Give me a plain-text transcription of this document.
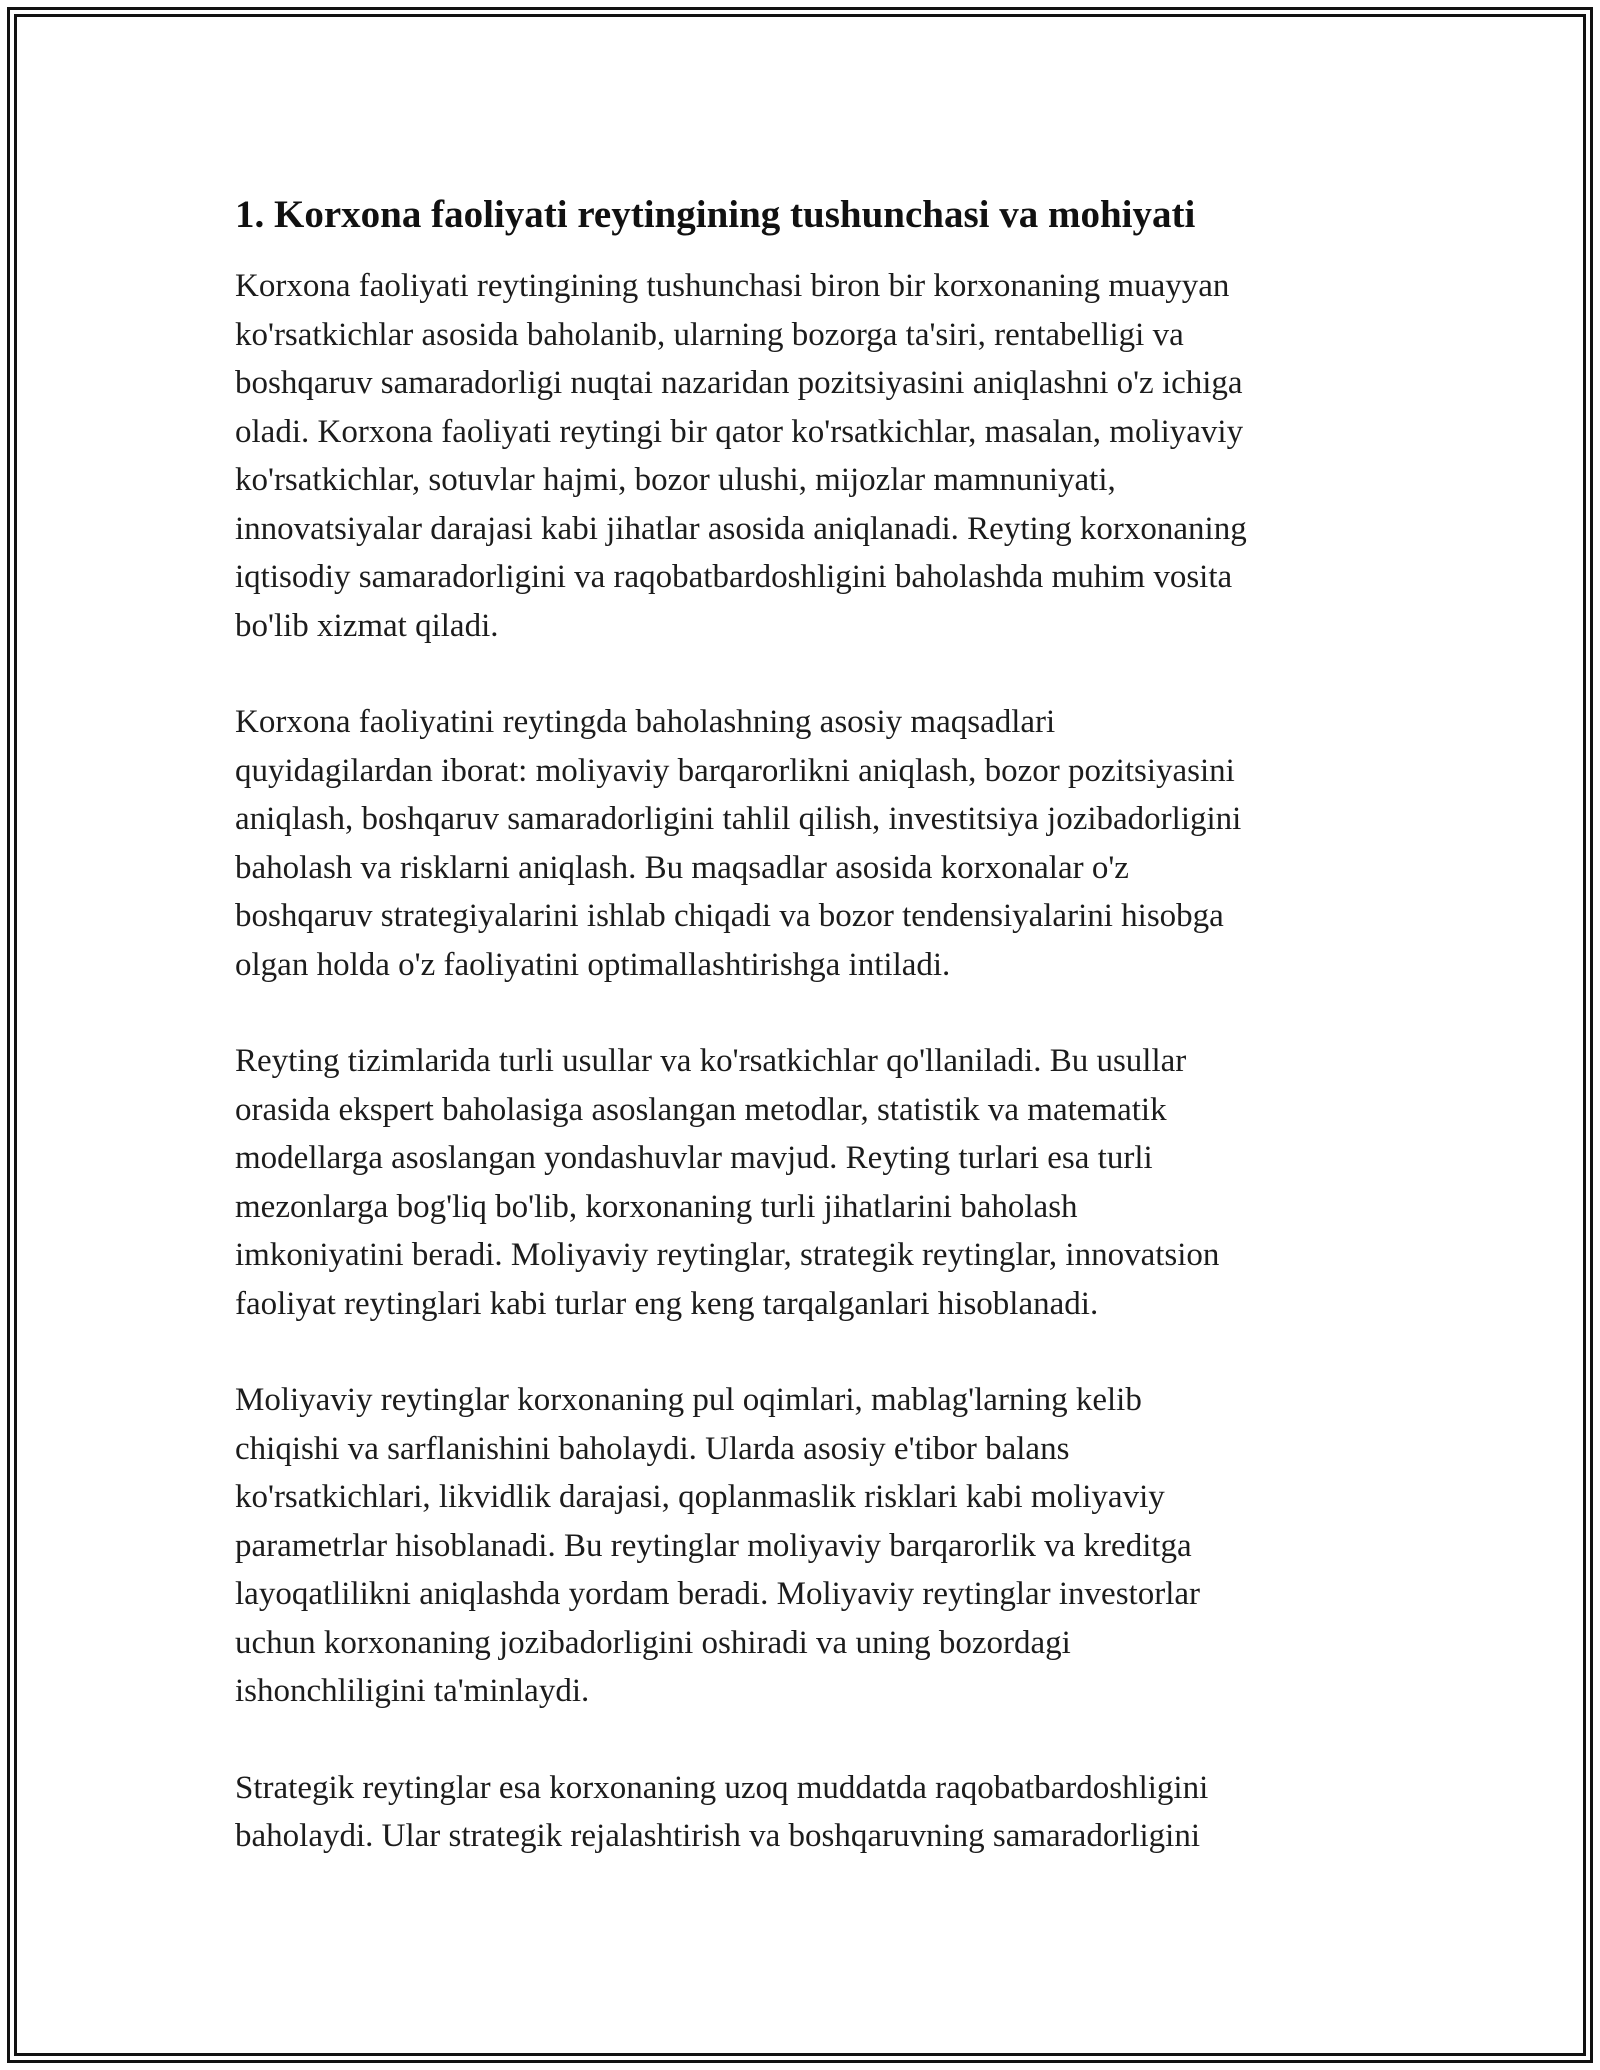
1. Korxona faoliyati reytingining tushunchasi va mohiyati

Korxona faoliyati reytingining tushunchasi biron bir korxonaning muayyan
ko'rsatkichlar asosida baholanib, ularning bozorga ta'siri, rentabelligi va
boshqaruv samaradorligi nuqtai nazaridan pozitsiyasini aniqlashni o'z ichiga
oladi. Korxona faoliyati reytingi bir qator ko'rsatkichlar, masalan, moliyaviy
ko'rsatkichlar, sotuvlar hajmi, bozor ulushi, mijozlar mamnuniyati,
innovatsiyalar darajasi kabi jihatlar asosida aniqlanadi. Reyting korxonaning
iqtisodiy samaradorligini va raqobatbardoshligini baholashda muhim vosita
bo'lib xizmat qiladi.

Korxona faoliyatini reytingda baholashning asosiy maqsadlari
quyidagilardan iborat: moliyaviy barqarorlikni aniqlash, bozor pozitsiyasini
aniqlash, boshqaruv samaradorligini tahlil qilish, investitsiya jozibadorligini
baholash va risklarni aniqlash. Bu maqsadlar asosida korxonalar o'z
boshqaruv strategiyalarini ishlab chiqadi va bozor tendensiyalarini hisobga
olgan holda o'z faoliyatini optimallashtirishga intiladi.

Reyting tizimlarida turli usullar va ko'rsatkichlar qo'llaniladi. Bu usullar
orasida ekspert baholasiga asoslangan metodlar, statistik va matematik
modellarga asoslangan yondashuvlar mavjud. Reyting turlari esa turli
mezonlarga bog'liq bo'lib, korxonaning turli jihatlarini baholash
imkoniyatini beradi. Moliyaviy reytinglar, strategik reytinglar, innovatsion
faoliyat reytinglari kabi turlar eng keng tarqalganlari hisoblanadi.

Moliyaviy reytinglar korxonaning pul oqimlari, mablag'larning kelib
chiqishi va sarflanishini baholaydi. Ularda asosiy e'tibor balans
ko'rsatkichlari, likvidlik darajasi, qoplanmaslik risklari kabi moliyaviy
parametrlar hisoblanadi. Bu reytinglar moliyaviy barqarorlik va kreditga
layoqatlilikni aniqlashda yordam beradi. Moliyaviy reytinglar investorlar
uchun korxonaning jozibadorligini oshiradi va uning bozordagi
ishonchliligini ta'minlaydi.

Strategik reytinglar esa korxonaning uzoq muddatda raqobatbardoshligini
baholaydi. Ular strategik rejalashtirish va boshqaruvning samaradorligini
